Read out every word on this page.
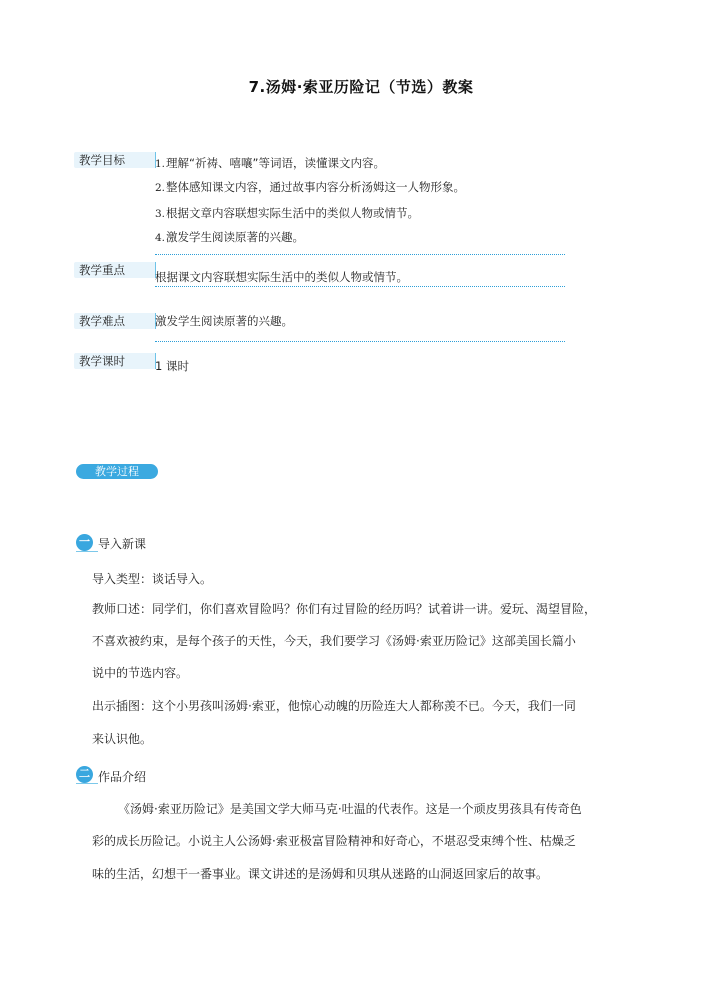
7.汤姆·索亚历险记（节选）教案
教学目标	1.理解“祈祷、嘻嚷”等词语，读懂课文内容。
2.整体感知课文内容，通过故事内容分析汤姆这一人物形象。
3.根据文章内容联想实际生活中的类似人物或情节。
4.激发学生阅读原著的兴趣。
教学重点	根据课文内容联想实际生活中的类似人物或情节。
教学难点	激发学生阅读原著的兴趣。
教学课时	1 课时
教学过程
一 导入新课
导入类型：谈话导入。
教师口述：同学们，你们喜欢冒险吗？你们有过冒险的经历吗？试着讲一讲。爱玩、渴望冒险，
不喜欢被约束，是每个孩子的天性，今天，我们要学习《汤姆·索亚历险记》这部美国长篇小
说中的节选内容。
出示插图：这个小男孩叫汤姆·索亚，他惊心动魄的历险连大人都称羡不已。今天，我们一同
来认识他。
二 作品介绍
《汤姆·索亚历险记》是美国文学大师马克·吐温的代表作。这是一个顽皮男孩具有传奇色
彩的成长历险记。小说主人公汤姆·索亚极富冒险精神和好奇心，不堪忍受束缚个性、枯燥乏
味的生活，幻想干一番事业。课文讲述的是汤姆和贝琪从迷路的山洞返回家后的故事。
